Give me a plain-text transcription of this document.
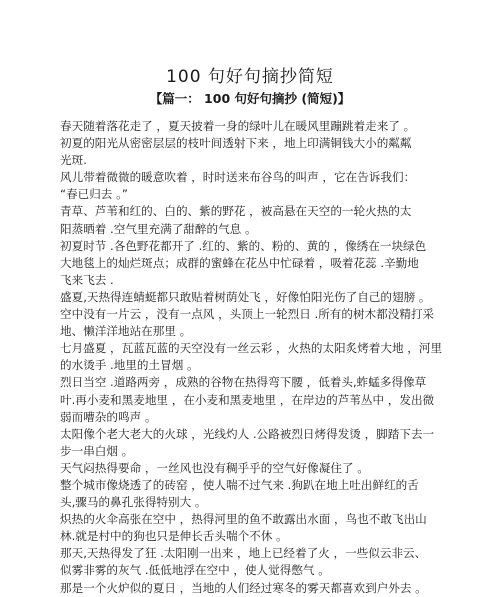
100 句好句摘抄简短
【篇一： 100 句好句摘抄 (简短)】
春天随着落花走了 ，夏天披着一身的绿叶儿在暖风里蹦跳着走来了 。
初夏的阳光从密密层层的枝叶间透射下来 ，地上印满铜钱大小的粼粼
光斑.
风儿带着微微的暖意吹着 ，时时送来布谷鸟的叫声 ，它在告诉我们：
“春已归去 。”
青草、芦苇和红的、白的、紫的野花 ，被高悬在天空的一轮火热的太
阳蒸晒着 .空气里充满了甜醉的气息 。
初夏时节 .各色野花都开了 .红的、紫的、粉的、黄的 ，像绣在一块绿色
大地毯上的灿烂斑点；成群的蜜蜂在花丛中忙碌着 ，吸着花蕊 .辛勤地
飞来飞去 .
盛夏,天热得连蜻蜓都只敢贴着树荫处飞 ，好像怕阳光伤了自己的翅膀 。
空中没有一片云 ，没有一点风 ，头顶上一轮烈日 .所有的树木都没精打采
地、懒洋洋地站在那里 。
七月盛夏 ，瓦蓝瓦蓝的天空没有一丝云彩 ，火热的太阳炙烤着大地 ，河里
的水烫手 .地里的土冒烟 。
烈日当空 .道路两旁 ，成熟的谷物在热得弯下腰 ，低着头,蚱蜢多得像草
叶.再小麦和黑麦地里 ，在小麦和黑麦地里 ，在岸边的芦苇丛中 ，发出微
弱而嘈杂的鸣声 。
太阳像个老大老大的火球 ，光线灼人 .公路被烈日烤得发烫 ，脚踏下去一
步一串白烟 。
天气闷热得要命 ，一丝风也没有稠乎乎的空气好像凝住了 。
整个城市像烧透了的砖窑 ，使人喘不过气来 .狗趴在地上吐出鲜红的舌
头,骤马的鼻孔张得特别大 。
炽热的火伞高张在空中 ，热得河里的鱼不敢露出水面 ，鸟也不敢飞出山
林.就是村中的狗也只是伸长舌头喘个不休 。
那天,天热得发了狂 .太阳刚一出来 ，地上已经着了火 ，一些似云非云、
似雾非雾的灰气 .低低地浮在空中 ，使人觉得憋气 。
那是一个火炉似的夏日 ，当地的人们经过寒冬的雾天都喜欢到户外去 。
